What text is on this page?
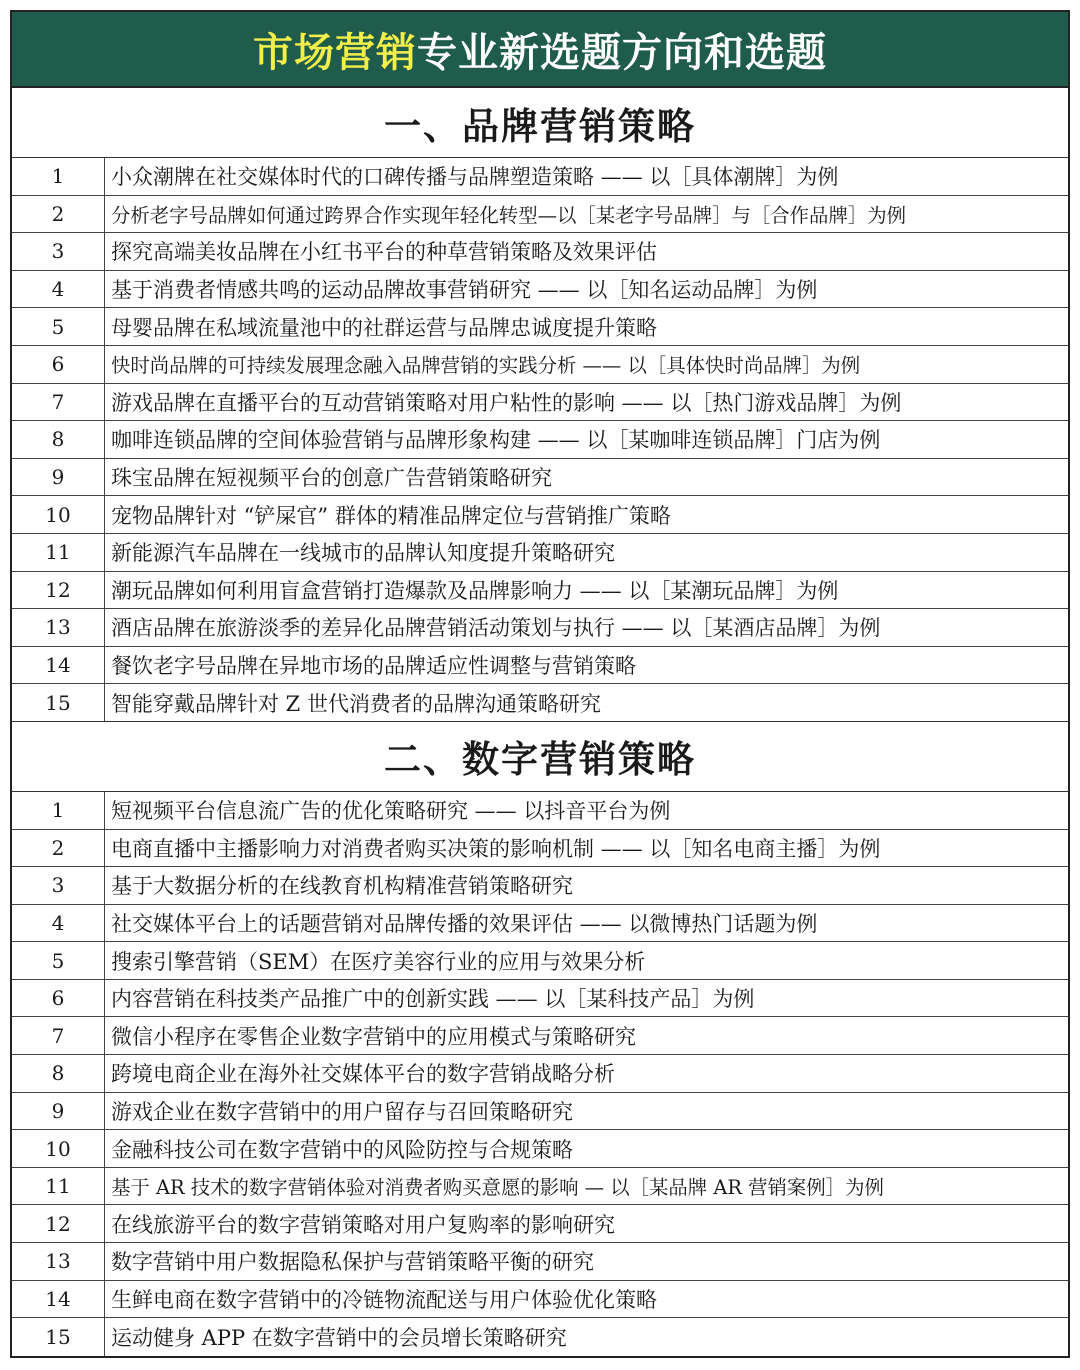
市场营销 专业新选题方向和选题
一、品牌营销策略
1	小众潮牌在社交媒体时代的口碑传播与品牌塑造策略 —— 以［具体潮牌］为例
2	分析老字号品牌如何通过跨界合作实现年轻化转型—以［某老字号品牌］与［合作品牌］为例
3	探究高端美妆品牌在小红书平台的种草营销策略及效果评估
4	基于消费者情感共鸣的运动品牌故事营销研究 —— 以［知名运动品牌］为例
5	母婴品牌在私域流量池中的社群运营与品牌忠诚度提升策略
6	快时尚品牌的可持续发展理念融入品牌营销的实践分析 —— 以［具体快时尚品牌］为例
7	游戏品牌在直播平台的互动营销策略对用户粘性的影响 —— 以［热门游戏品牌］为例
8	咖啡连锁品牌的空间体验营销与品牌形象构建 —— 以［某咖啡连锁品牌］门店为例
9	珠宝品牌在短视频平台的创意广告营销策略研究
10	宠物品牌针对 “铲屎官” 群体的精准品牌定位与营销推广策略
11	新能源汽车品牌在一线城市的品牌认知度提升策略研究
12	潮玩品牌如何利用盲盒营销打造爆款及品牌影响力 —— 以［某潮玩品牌］为例
13	酒店品牌在旅游淡季的差异化品牌营销活动策划与执行 —— 以［某酒店品牌］为例
14	餐饮老字号品牌在异地市场的品牌适应性调整与营销策略
15	智能穿戴品牌针对 Z 世代消费者的品牌沟通策略研究
二、数字营销策略
1	短视频平台信息流广告的优化策略研究 —— 以抖音平台为例
2	电商直播中主播影响力对消费者购买决策的影响机制 —— 以［知名电商主播］为例
3	基于大数据分析的在线教育机构精准营销策略研究
4	社交媒体平台上的话题营销对品牌传播的效果评估 —— 以微博热门话题为例
5	搜索引擎营销（SEM）在医疗美容行业的应用与效果分析
6	内容营销在科技类产品推广中的创新实践 —— 以［某科技产品］为例
7	微信小程序在零售企业数字营销中的应用模式与策略研究
8	跨境电商企业在海外社交媒体平台的数字营销战略分析
9	游戏企业在数字营销中的用户留存与召回策略研究
10	金融科技公司在数字营销中的风险防控与合规策略
11	基于 AR 技术的数字营销体验对消费者购买意愿的影响 — 以［某品牌 AR 营销案例］为例
12	在线旅游平台的数字营销策略对用户复购率的影响研究
13	数字营销中用户数据隐私保护与营销策略平衡的研究
14	生鲜电商在数字营销中的冷链物流配送与用户体验优化策略
15	运动健身 APP 在数字营销中的会员增长策略研究
